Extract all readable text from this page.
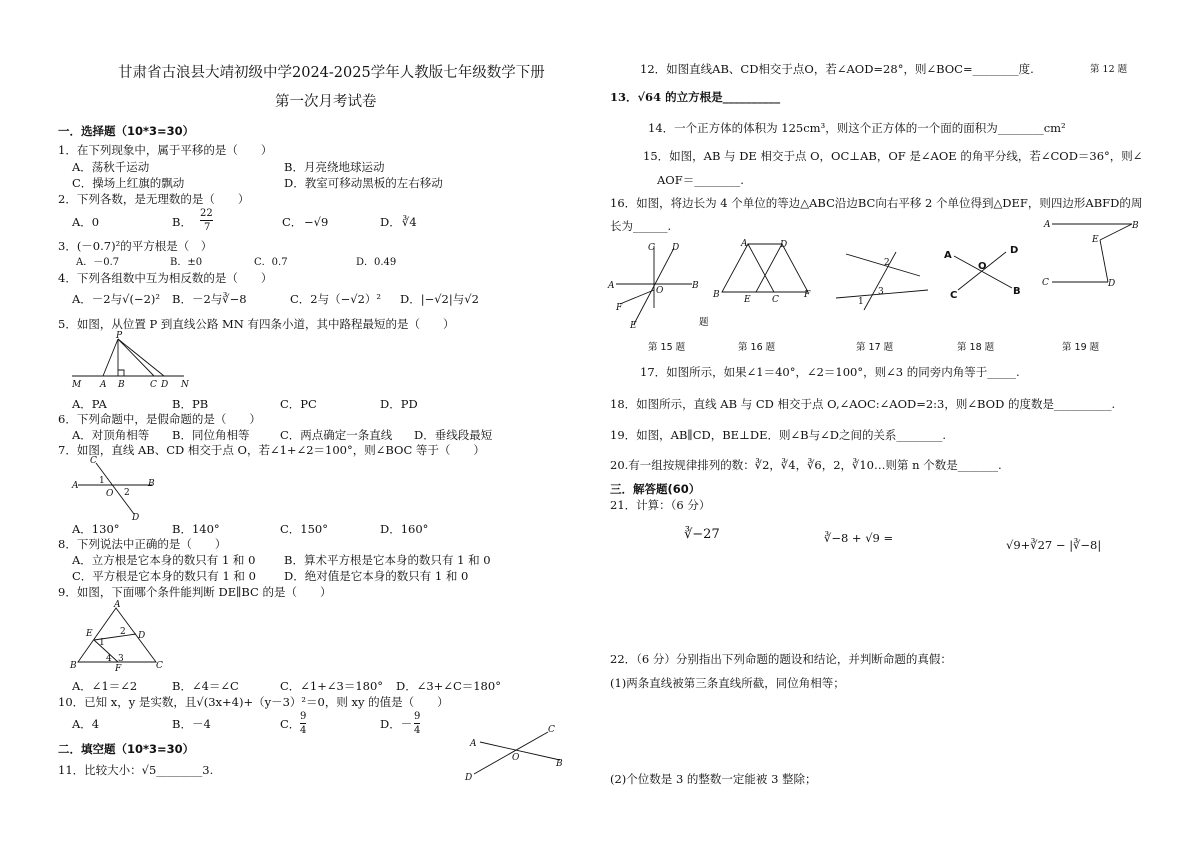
甘肃省古浪县大靖初级中学2024-2025学年人教版七年级数学下册
第一次月考试卷
一．选择题（10*3=30）
1．在下列现象中，属于平移的是（　　）
A．荡秋千运动	B．月亮绕地球运动
C．操场上红旗的飘动	D．教室可移动黑板的左右移动
2．下列各数，是无理数的是（　　）
A．0	B．
22
7	C． −√9	D． ∛4
3．(－0.7)²的平方根是（　）
A．－0.7	B．±0	C．0.7	D．0.49
4．下列各组数中互为相反数的是（　　）
A．－2与√(−2)² B．－2与∛−8	C．2与（−√2）² D．|−√2|与√2
5．如图，从位置 P 到直线公路 MN 有四条小道，其中路程最短的是（　　）
P
M A B	C D N
A．PA	B．PB	C．PC	D．PD
6．下列命题中，是假命题的是（　　）
A．对顶角相等 B．同位角相等	C．两点确定一条直线 D．垂线段最短
7．如图，直线 AB、CD 相交于点 O，若∠1+∠2＝100°，则∠BOC 等于（　　）
C
A	B
D
O
1
2
A．130°	B．140°	C．150°	D．160°
8．下列说法中正确的是（　　）
A．立方根是它本身的数只有 1 和 0 B．算术平方根是它本身的数只有 1 和 0
C．平方根是它本身的数只有 1 和 0 D．绝对值是它本身的数只有 1 和 0
9．如图，下面哪个条件能判断 DE∥BC 的是（　　）
A
B	C
E	D
F
2
1
4 3
A．∠1＝∠2	B．∠4＝∠C	C．∠1+∠3＝180° D．∠3+∠C＝180°
10．已知 x，y 是实数，且√(3x+4)+（y－3）²＝0，则 xy 的值是（　　）
A．4	B．－4	C．
9
4	D．－
9
4
二．填空题（10*3=30）
11．比较大小：√5________3.
A
B
C
D
O
12．如图直线AB、CD相交于点O，若∠AOD=28°，则∠BOC=________度.	第 12 题
13．√64 的立方根是__________
14．一个正方体的体积为 125cm³，则这个正方体的一个面的面积为________cm²
15．如图，AB 与 DE 相交于点 O，OC⊥AB，OF 是∠AOE 的角平分线，若∠COD＝36°，则∠
AOF＝________.
16．如图，将边长为 4 个单位的等边△ABC沿边BC向右平移 2 个单位得到△DEF，则四边形ABFD的周
长为______.
C D
A	B
O
F
E
A	D
B	E C	F
2
1
3
A	D
O
C	B
A	B
E
C	D
第 15 题
题
第 16 题	第 17 题	第 18 题	第 19 题
17．如图所示，如果∠1＝40°，∠2＝100°，则∠3 的同旁内角等于_____.
18．如图所示，直线 AB 与 CD 相交于点 O,∠AOC:∠AOD=2:3，则∠BOD 的度数是__________.
19．如图，AB∥CD，BE⊥DE．则∠B与∠D之间的关系________.
20.有一组按规律排列的数：∛2，∛4，∛6，2，∛10…则第 n 个数是_______.
三．解答题(60）
21．计算：（6 分）
∛−27	∛−8 + √9 =	√9+∛27 − |∛−8|
22．（6 分）分别指出下列命题的题设和结论，并判断命题的真假：
(1)两条直线被第三条直线所截，同位角相等；
(2)个位数是 3 的整数一定能被 3 整除；
